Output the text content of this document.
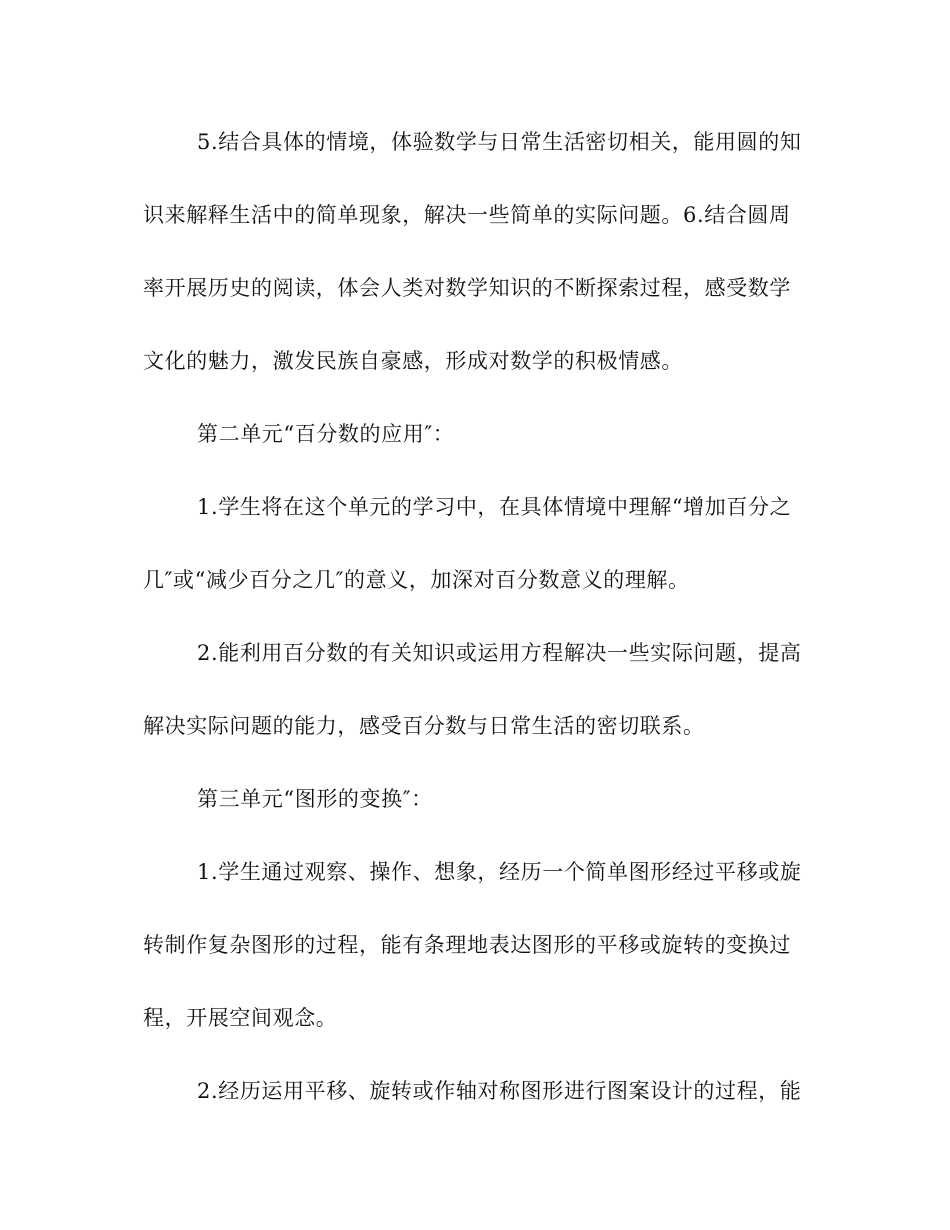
5.结合具体的情境，体验数学与日常生活密切相关，能用圆的知
识来解释生活中的简单现象，解决一些简单的实际问题。6.结合圆周
率开展历史的阅读，体会人类对数学知识的不断探索过程，感受数学
文化的魅力，激发民族自豪感，形成对数学的积极情感。
第二单元“百分数的应用″：
1.学生将在这个单元的学习中，在具体情境中理解“增加百分之
几″或“减少百分之几″的意义，加深对百分数意义的理解。
2.能利用百分数的有关知识或运用方程解决一些实际问题，提高
解决实际问题的能力，感受百分数与日常生活的密切联系。
第三单元“图形的变换″：
1.学生通过观察、操作、想象，经历一个简单图形经过平移或旋
转制作复杂图形的过程，能有条理地表达图形的平移或旋转的变换过
程，开展空间观念。
2.经历运用平移、旋转或作轴对称图形进行图案设计的过程，能
